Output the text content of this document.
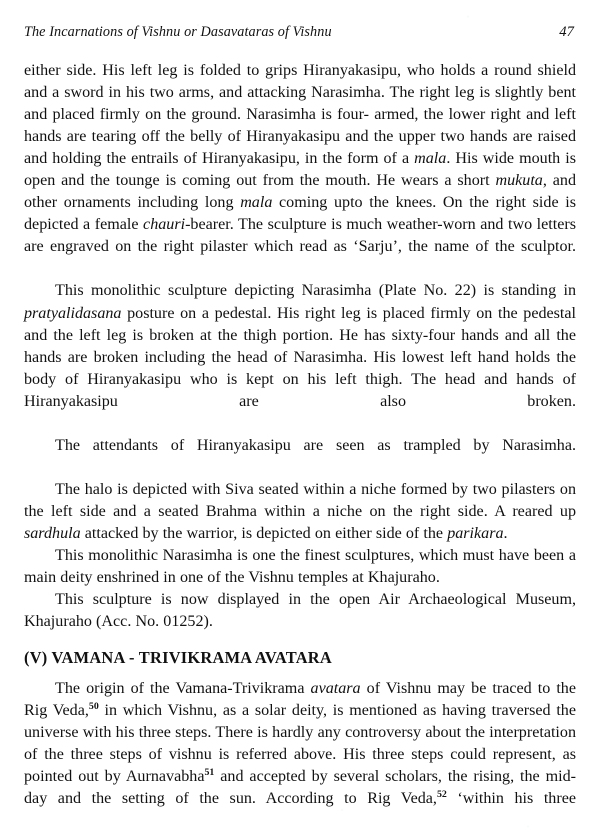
The Incarnations of Vishnu or Dasavataras of Vishnu	47

either side. His left leg is folded to grips Hiranyakasipu, who holds a round shield and a sword in his two arms, and attacking Narasimha. The right leg is slightly bent and placed firmly on the ground. Narasimha is four- armed, the lower right and left hands are tearing off the belly of Hiranyakasipu and the upper two hands are raised and holding the entrails of Hiranyakasipu, in the form of a mala. His wide mouth is open and the tounge is coming out from the mouth. He wears a short mukuta, and other ornaments including long mala coming upto the knees. On the right side is depicted a female chauri-bearer. The sculpture is much weather-worn and two letters are engraved on the right pilaster which read as ‘Sarju’, the name of the sculptor.

This monolithic sculpture depicting Narasimha (Plate No. 22) is standing in pratyalidasana posture on a pedestal. His right leg is placed firmly on the pedestal and the left leg is broken at the thigh portion. He has sixty-four hands and all the hands are broken including the head of Narasimha. His lowest left hand holds the body of Hiranyakasipu who is kept on his left thigh. The head and hands of Hiranyakasipu are also broken.

The attendants of Hiranyakasipu are seen as trampled by Narasimha.

The halo is depicted with Siva seated within a niche formed by two pilasters on the left side and a seated Brahma within a niche on the right side. A reared up sardhula attacked by the warrior, is depicted on either side of the parikara.

This monolithic Narasimha is one the finest sculptures, which must have been a main deity enshrined in one of the Vishnu temples at Khajuraho.

This sculpture is now displayed in the open Air Archaeological Museum, Khajuraho (Acc. No. 01252).

(V) VAMANA - TRIVIKRAMA AVATARA

The origin of the Vamana-Trivikrama avatara of Vishnu may be traced to the Rig Veda,$^{50}$ in which Vishnu, as a solar deity, is mentioned as having traversed the universe with his three steps. There is hardly any controversy about the interpretation of the three steps of vishnu is referred above. His three steps could represent, as pointed out by Aurnavabha$^{51}$ and accepted by several scholars, the rising, the mid-day and the setting of the sun. According to Rig Veda,$^{52}$ ‘within his three
